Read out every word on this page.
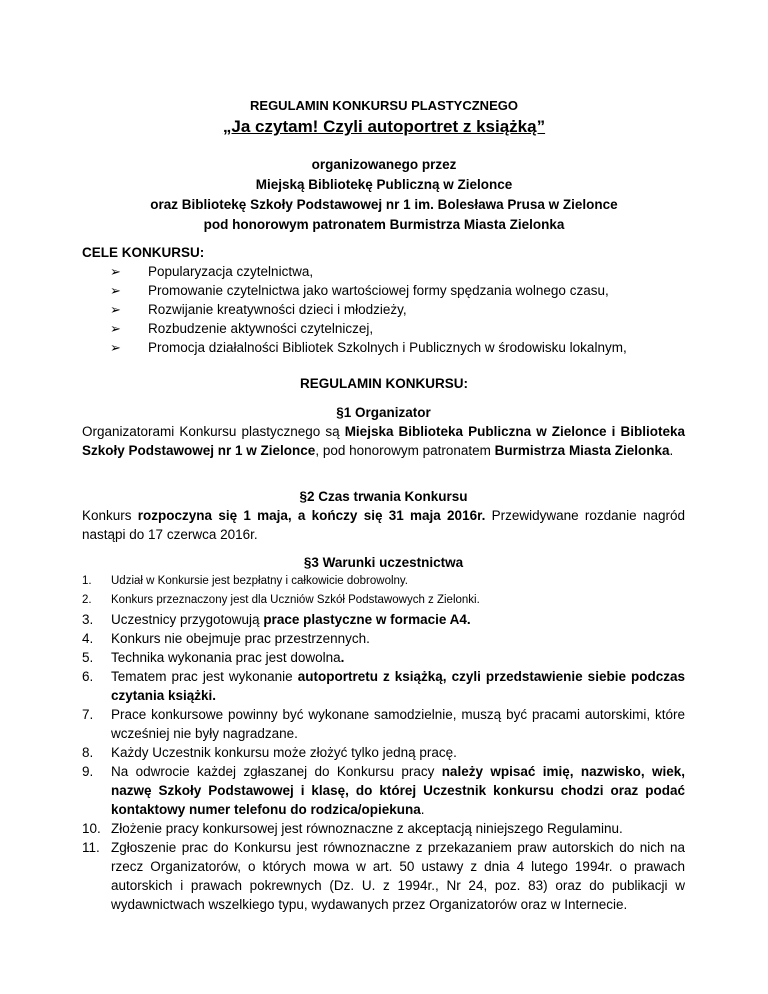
REGULAMIN KONKURSU PLASTYCZNEGO
„Ja czytam! Czyli autoportret z książką”
organizowanego przez
Miejską Bibliotekę Publiczną w Zielonce
oraz Bibliotekę Szkoły Podstawowej nr 1 im. Bolesława Prusa w Zielonce
pod honorowym patronatem Burmistrza Miasta Zielonka
CELE KONKURSU:
➢ Popularyzacja czytelnictwa,
➢ Promowanie czytelnictwa jako wartościowej formy spędzania wolnego czasu,
➢ Rozwijanie kreatywności dzieci i młodzieży,
➢ Rozbudzenie aktywności czytelniczej,
➢ Promocja działalności Bibliotek Szkolnych i Publicznych w środowisku lokalnym,
REGULAMIN KONKURSU:
§1 Organizator
Organizatorami Konkursu plastycznego są Miejska Biblioteka Publiczna w Zielonce i Biblioteka Szkoły Podstawowej nr 1 w Zielonce, pod honorowym patronatem Burmistrza Miasta Zielonka.
§2 Czas trwania Konkursu
Konkurs rozpoczyna się 1 maja, a kończy się 31 maja 2016r. Przewidywane rozdanie nagród nastąpi do 17 czerwca 2016r.
§3 Warunki uczestnictwa
1.	Udział w Konkursie jest bezpłatny i całkowicie dobrowolny.
2.	Konkurs przeznaczony jest dla Uczniów Szkół Podstawowych z Zielonki.
3.	Uczestnicy przygotowują prace plastyczne w formacie A4.
4.	Konkurs nie obejmuje prac przestrzennych.
5.	Technika wykonania prac jest dowolna.
6.	Tematem prac jest wykonanie autoportretu z książką, czyli przedstawienie siebie podczas czytania książki.
7.	Prace konkursowe powinny być wykonane samodzielnie, muszą być pracami autorskimi, które wcześniej nie były nagradzane.
8.	Każdy Uczestnik konkursu może złożyć tylko jedną pracę.
9.	Na odwrocie każdej zgłaszanej do Konkursu pracy należy wpisać imię, nazwisko, wiek, nazwę Szkoły Podstawowej i klasę, do której Uczestnik konkursu chodzi oraz podać kontaktowy numer telefonu do rodzica/opiekuna.
10. Złożenie pracy konkursowej jest równoznaczne z akceptacją niniejszego Regulaminu.
11. Zgłoszenie prac do Konkursu jest równoznaczne z przekazaniem praw autorskich do nich na rzecz Organizatorów, o których mowa w art. 50 ustawy z dnia 4 lutego 1994r. o prawach autorskich i prawach pokrewnych (Dz. U. z 1994r., Nr 24, poz. 83) oraz do publikacji w wydawnictwach wszelkiego typu, wydawanych przez Organizatorów oraz w Internecie.
